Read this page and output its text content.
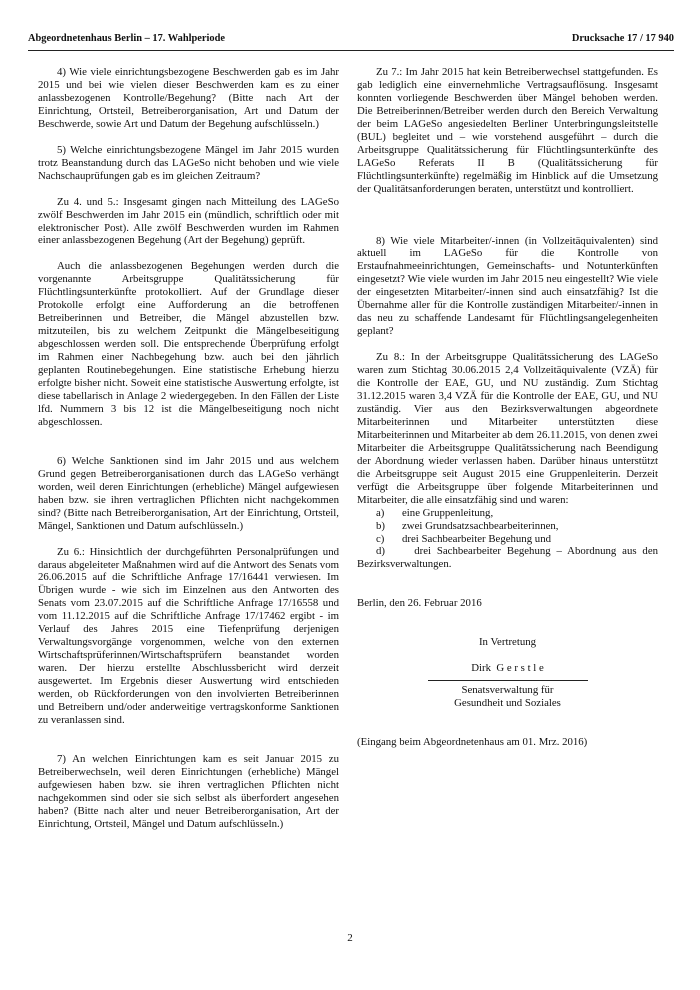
Abgeordnetenhaus Berlin – 17. Wahlperiode	Drucksache 17 / 17 940

4) Wie viele einrichtungsbezogene Beschwerden gab es im Jahr 2015 und bei wie vielen dieser Beschwerden kam es zu einer anlassbezogenen Kontrolle/Begehung? (Bitte nach Art der Einrichtung, Ortsteil, Betreiberorganisation, Art und Datum der Beschwerde, sowie Art und Datum der Begehung aufschlüsseln.)

5) Welche einrichtungsbezogene Mängel im Jahr 2015 wurden trotz Beanstandung durch das LAGeSo nicht behoben und wie viele Nachschauprüfungen gab es im gleichen Zeitraum?

Zu 4. und 5.: Insgesamt gingen nach Mitteilung des LAGeSo zwölf Beschwerden im Jahr 2015 ein (mündlich, schriftlich oder mit elektronischer Post). Alle zwölf Beschwerden wurden im Rahmen einer anlassbezogenen Begehung (Art der Begehung) geprüft.

Auch die anlassbezogenen Begehungen werden durch die vorgenannte Arbeitsgruppe Qualitätssicherung für Flüchtlingsunterkünfte protokolliert. Auf der Grundlage dieser Protokolle erfolgt eine Aufforderung an die betroffenen Betreiberinnen und Betreiber, die Mängel abzustellen bzw. mitzuteilen, bis zu welchem Zeitpunkt die Mängelbeseitigung abgeschlossen werden soll. Die entsprechende Überprüfung erfolgt im Rahmen einer Nachbegehung bzw. auch bei den jährlich geplanten Routinebegehungen. Eine statistische Erhebung hierzu erfolgte bisher nicht. Soweit eine statistische Auswertung erfolgte, ist diese tabellarisch in Anlage 2 wiedergegeben. In den Fällen der Liste lfd. Nummern 3 bis 12 ist die Mängelbeseitigung noch nicht abgeschlossen.

6) Welche Sanktionen sind im Jahr 2015 und aus welchem Grund gegen Betreiberorganisationen durch das LAGeSo verhängt worden, weil deren Einrichtungen (erhebliche) Mängel aufgewiesen haben bzw. sie ihren vertraglichen Pflichten nicht nachgekommen sind? (Bitte nach Betreiberorganisation, Art der Einrichtung, Ortsteil, Mängel, Sanktionen und Datum aufschlüsseln.)

Zu 6.: Hinsichtlich der durchgeführten Personalprüfungen und daraus abgeleiteter Maßnahmen wird auf die Antwort des Senats vom 26.06.2015 auf die Schriftliche Anfrage 17/16441 verwiesen. Im Übrigen wurde - wie sich im Einzelnen aus den Antworten des Senats vom 23.07.2015 auf die Schriftliche Anfrage 17/16558 und vom 11.12.2015 auf die Schriftliche Anfrage 17/17462 ergibt - im Verlauf des Jahres 2015 eine Tiefenprüfung derjenigen Verwaltungsvorgänge vorgenommen, welche von den externen Wirtschaftsprüferinnen/Wirtschaftsprüfern beanstandet worden waren. Der hierzu erstellte Abschlussbericht wird derzeit ausgewertet. Im Ergebnis dieser Auswertung wird entschieden werden, ob Rückforderungen von den involvierten Betreiberinnen und Betreibern und/oder anderweitige vertragskonforme Sanktionen zu veranlassen sind.

7) An welchen Einrichtungen kam es seit Januar 2015 zu Betreiberwechseln, weil deren Einrichtungen (erhebliche) Mängel aufgewiesen haben bzw. sie ihren vertraglichen Pflichten nicht nachgekommen sind oder sie sich selbst als überfordert angesehen haben? (Bitte nach alter und neuer Betreiberorganisation, Art der Einrichtung, Ortsteil, Mängel und Datum aufschlüsseln.)

Zu 7.: Im Jahr 2015 hat kein Betreiberwechsel stattgefunden. Es gab lediglich eine einvernehmliche Vertragsauflösung. Insgesamt konnten vorliegende Beschwerden über Mängel behoben werden. Die Betreiberinnen/Betreiber werden durch den Bereich Verwaltung der beim LAGeSo angesiedelten Berliner Unterbringungsleitstelle (BUL) begleitet und – wie vorstehend ausgeführt – durch die Arbeitsgruppe Qualitätssicherung für Flüchtlingsunterkünfte des LAGeSo Referats II B (Qualitätssicherung für Flüchtlingsunterkünfte) regelmäßig im Hinblick auf die Umsetzung der Qualitätsanforderungen beraten, unterstützt und kontrolliert.

8) Wie viele Mitarbeiter/-innen (in Vollzeitäquivalenten) sind aktuell im LAGeSo für die Kontrolle von Erstaufnahmeeinrichtungen, Gemeinschafts- und Notunterkünften eingesetzt? Wie viele wurden im Jahr 2015 neu eingestellt? Wie viele der eingesetzten Mitarbeiter/-innen sind auch einsatzfähig? Ist die Übernahme aller für die Kontrolle zuständigen Mitarbeiter/-innen in das neu zu schaffende Landesamt für Flüchtlingsangelegenheiten geplant?

Zu 8.: In der Arbeitsgruppe Qualitätssicherung des LAGeSo waren zum Stichtag 30.06.2015 2,4 Vollzeitäquivalente (VZÄ) für die Kontrolle der EAE, GU, und NU zuständig. Zum Stichtag 31.12.2015 waren 3,4 VZÄ für die Kontrolle der EAE, GU, und NU zuständig. Vier aus den Bezirksverwaltungen abgeordnete Mitarbeiterinnen und Mitarbeiter unterstützten diese Mitarbeiterinnen und Mitarbeiter ab dem 26.11.2015, von denen zwei Mitarbeiter die Arbeitsgruppe Qualitätssicherung nach Beendigung der Abordnung wieder verlassen haben. Darüber hinaus unterstützt die Arbeitsgruppe seit August 2015 eine Gruppenleiterin. Derzeit verfügt die Arbeitsgruppe über folgende Mitarbeiterinnen und Mitarbeiter, die alle einsatzfähig sind und waren:

a)	eine Gruppenleitung,
b)	zwei Grundsatzsachbearbeiterinnen,
c)	drei Sachbearbeiter Begehung und

d)	drei Sachbearbeiter Begehung – Abordnung aus den Bezirksverwaltungen.

Berlin, den 26. Februar 2016

In Vertretung

Dirk  G e r s t l e

Senatsverwaltung für

Gesundheit und Soziales

(Eingang beim Abgeordnetenhaus am 01. Mrz. 2016)

2
